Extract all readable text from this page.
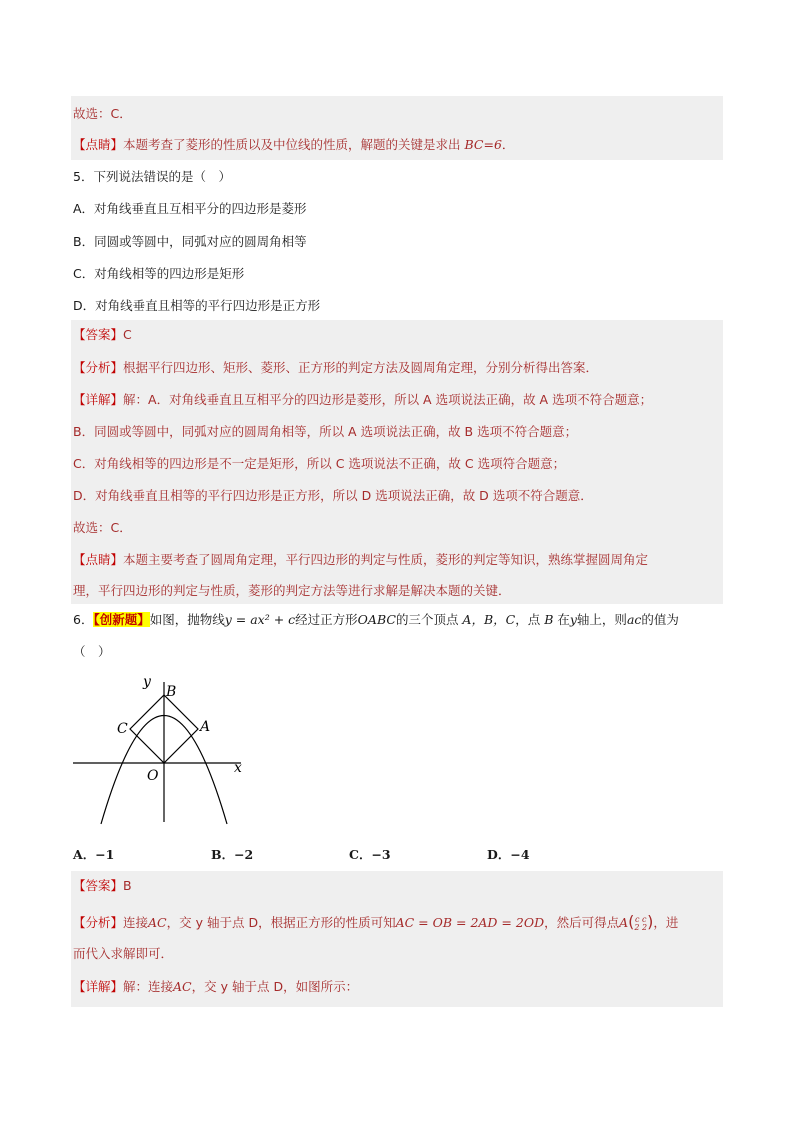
故选：C．
【点睛】本题考查了菱形的性质以及中位线的性质，解题的关键是求出 BC=6．
5．下列说法错误的是（　）
A．对角线垂直且互相平分的四边形是菱形
B．同圆或等圆中，同弧对应的圆周角相等
C．对角线相等的四边形是矩形
D．对角线垂直且相等的平行四边形是正方形
【答案】C
【分析】根据平行四边形、矩形、菱形、正方形的判定方法及圆周角定理，分别分析得出答案．
【详解】解：A．对角线垂直且互相平分的四边形是菱形，所以 A 选项说法正确，故 A 选项不符合题意；
B．同圆或等圆中，同弧对应的圆周角相等，所以 A 选项说法正确，故 B 选项不符合题意；
C．对角线相等的四边形是不一定是矩形，所以 C 选项说法不正确，故 C 选项符合题意；
D．对角线垂直且相等的平行四边形是正方形，所以 D 选项说法正确，故 D 选项不符合题意．
故选：C．
【点睛】本题主要考查了圆周角定理，平行四边形的判定与性质，菱形的判定等知识，熟练掌握圆周角定
理，平行四边形的判定与性质，菱形的判定方法等进行求解是解决本题的关键．
6．【创新题】如图，抛物线y = ax² + c经过正方形OABC的三个顶点 A，B，C，点 B 在y轴上，则ac的值为
（　）
y
x
O
A
B
C
A．−1	B．−2	C．−3	D．−4
【答案】B
【分析】连接AC，交 y 轴于点 D，根据正方形的性质可知AC = OB = 2AD = 2OD，然后可得点A(c c
2 2)，进
而代入求解即可．
【详解】解：连接AC，交 y 轴于点 D，如图所示：
